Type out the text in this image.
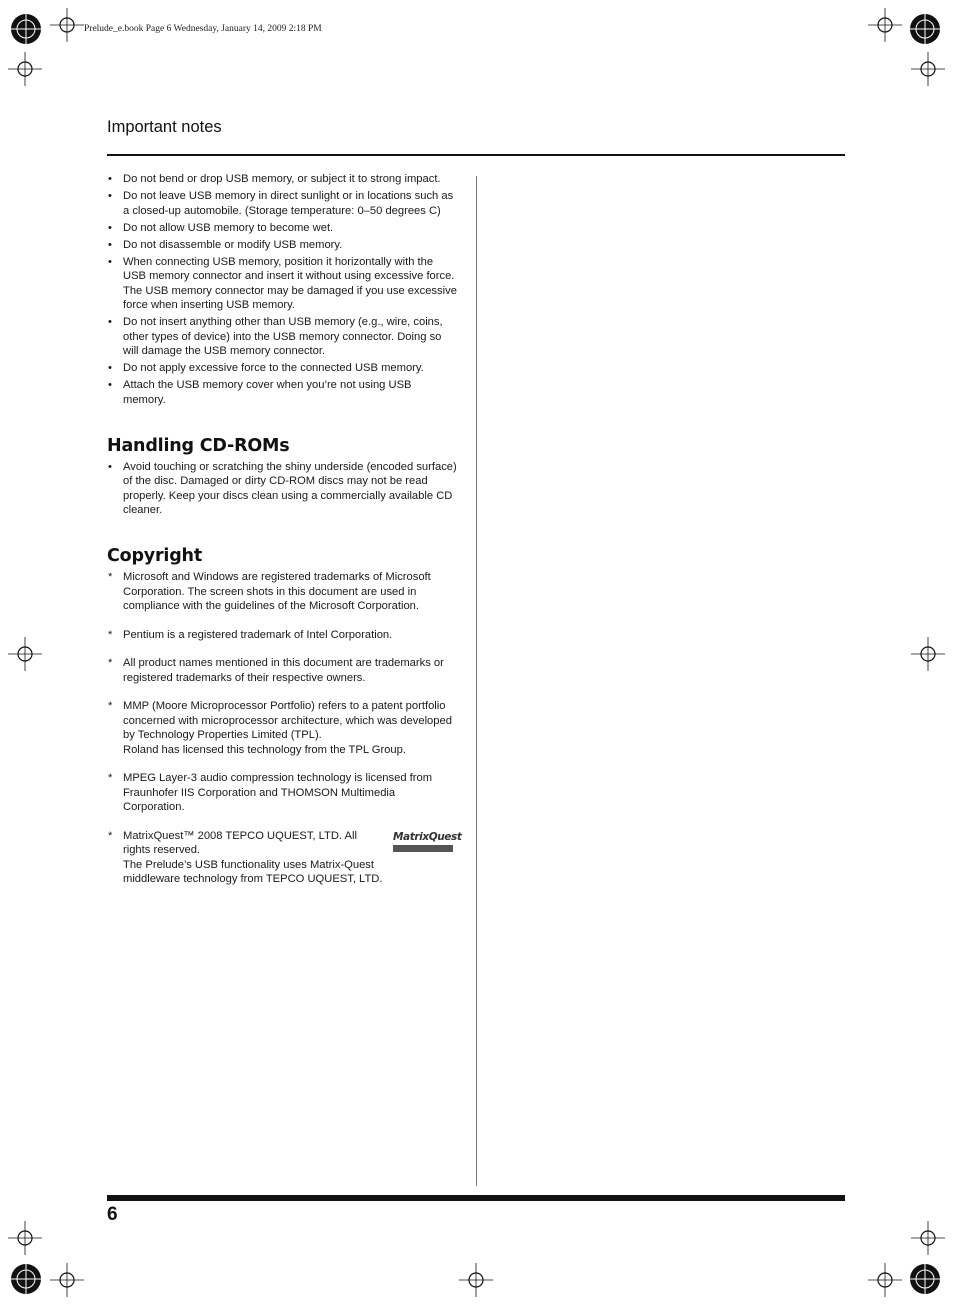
Prelude_e.book Page 6 Wednesday, January 14, 2009 2:18 PM
Important notes
• Do not bend or drop USB memory, or subject it to strong impact.
• Do not leave USB memory in direct sunlight or in locations such as a closed-up automobile. (Storage temperature: 0–50 degrees C)
• Do not allow USB memory to become wet.
• Do not disassemble or modify USB memory.
• When connecting USB memory, position it horizontally with the USB memory connector and insert it without using excessive force. The USB memory connector may be damaged if you use excessive force when inserting USB memory.
• Do not insert anything other than USB memory (e.g., wire, coins, other types of device) into the USB memory connector. Doing so will damage the USB memory connector.
• Do not apply excessive force to the connected USB memory.
• Attach the USB memory cover when you’re not using USB memory.
Handling CD-ROMs
• Avoid touching or scratching the shiny underside (encoded surface) of the disc. Damaged or dirty CD-ROM discs may not be read properly. Keep your discs clean using a commercially available CD cleaner.
Copyright
* Microsoft and Windows are registered trademarks of Microsoft Corporation. The screen shots in this document are used in compliance with the guidelines of the Microsoft Corporation.
* Pentium is a registered trademark of Intel Corporation.
* All product names mentioned in this document are trademarks or registered trademarks of their respective owners.
* MMP (Moore Microprocessor Portfolio) refers to a patent portfolio concerned with microprocessor architecture, which was developed by Technology Properties Limited (TPL).
Roland has licensed this technology from the TPL Group.
* MPEG Layer-3 audio compression technology is licensed from Fraunhofer IIS Corporation and THOMSON Multimedia Corporation.
* MatrixQuest™ 2008 TEPCO UQUEST, LTD. All rights reserved.
The Prelude’s USB functionality uses Matrix-Quest middleware technology from TEPCO UQUEST, LTD.
MatrixQuest
6
